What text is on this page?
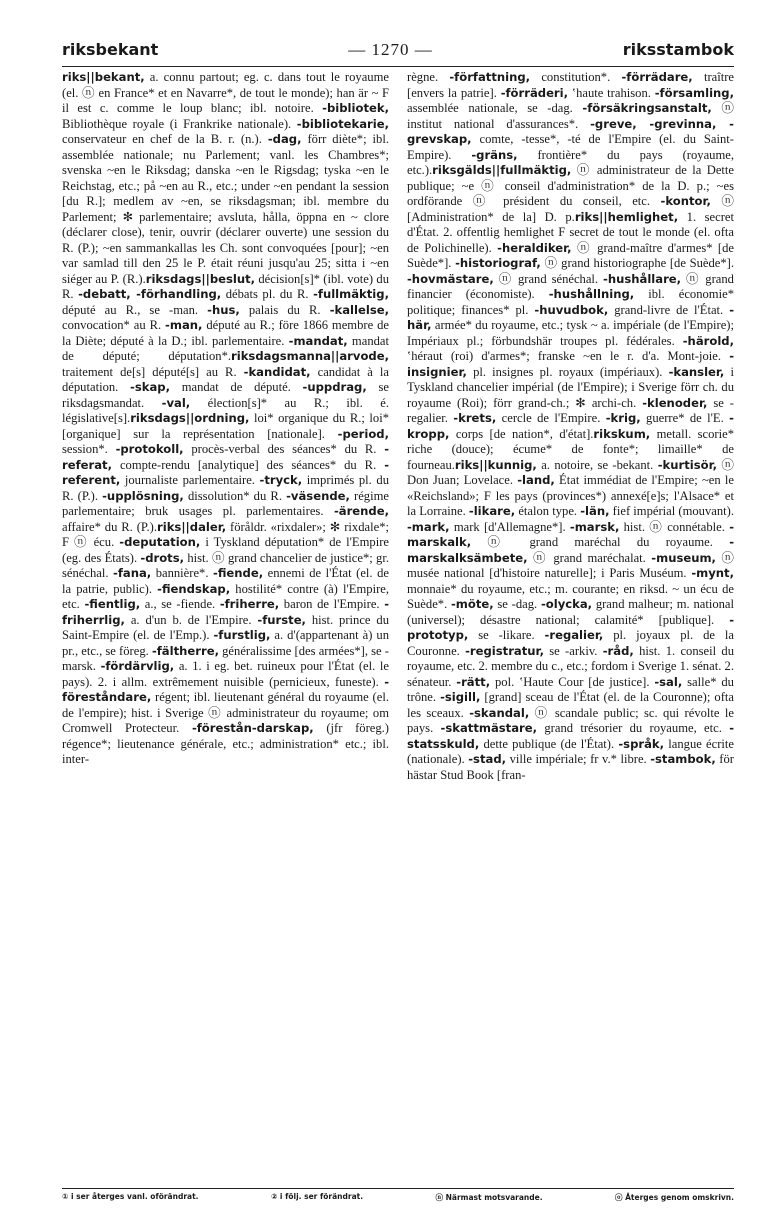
riksbekant	— 1270 —	riksstambok

riks||bekant, a. connu partout; eg. c. dans tout le royaume (el. ⓝ en France* et en Navarre*, de tout le monde); han är ~ F il est c. comme le loup blanc; ibl. notoire. -bibliotek, Bibliothèque royale (i Frankrike nationale). -bibliotekarie, conservateur en chef de la B. r. (n.). -dag, förr diète*; ibl. assemblée nationale; nu Parlement; vanl. les Chambres*; svenska ~en le Riksdag; danska ~en le Rigsdag; tyska ~en le Reichstag, etc.; på ~en au R., etc.; under ~en pendant la session [du R.]; medlem av ~en, se riksdagsman; ibl. membre du Parlement; ✻ parlementaire; avsluta, hålla, öppna en ~ clore (déclarer close), tenir, ouvrir (déclarer ouverte) une session du R. (P.); ~en sammankallas les Ch. sont convoquées [pour]; ~en var samlad till den 25 le P. était réuni jusqu'au 25; sitta i ~en siéger au P. (R.).riksdags||beslut, décision[s]* (ibl. vote) du R. -debatt, -förhandling, débats pl. du R. -fullmäktig, député au R., se -man. -hus, palais du R. -kallelse, convocation* au R. -man, député au R.; före 1866 membre de la Diète; député à la D.; ibl. parlementaire. -mandat, mandat de député; députation*.riksdagsmanna||arvode, traitement de[s] député[s] au R. -kandidat, candidat à la députation. -skap, mandat de député. -uppdrag, se riksdagsmandat. -val, élection[s]* au R.; ibl. é. législative[s].riksdags||ordning, loi* organique du R.; loi* [organique] sur la représentation [nationale]. -period, session*. -protokoll, procès-verbal des séances* du R. -referat, compte-rendu [analytique] des séances* du R. -referent, journaliste parlementaire. -tryck, imprimés pl. du R. (P.). -upplösning, dissolution* du R. -väsende, régime parlementaire; bruk usages pl. parlementaires. -ärende, affaire* du R. (P.).riks||daler, föråldr. «rixdaler»; ✻ rixdale*; F ⓝ écu. -deputation, i Tyskland députation* de l'Empire (eg. des États). -drots, hist. ⓝ grand chancelier de justice*; gr. sénéchal. -fana, bannière*. -fiende, ennemi de l'État (el. de la patrie, public). -fiendskap, hostilité* contre (à) l'Empire, etc. -fientlig, a., se -fiende. -friherre, baron de l'Empire. -friherrlig, a. d'un b. de l'Empire. -furste, hist. prince du Saint-Empire (el. de l'Emp.). -furstlig, a. d'(appartenant à) un pr., etc., se föreg. -fältherre, généralissime [des armées*], se -marsk. -fördärvlig, a. 1. i eg. bet. ruineux pour l'État (el. le pays). 2. i allm. extrêmement nuisible (pernicieux, funeste). -föreståndare, régent; ibl. lieutenant général du royaume (el. de l'empire); hist. i Sverige ⓝ administrateur du royaume; om Cromwell Protecteur. -förestån-darskap, (jfr föreg.) régence*; lieutenance générale, etc.; administration* etc.; ibl. inter-

règne. -författning, constitution*. -förrädare, traître [envers la patrie]. -förräderi, ʽhaute trahison. -församling, assemblée nationale, se -dag. -försäkringsanstalt, ⓝ institut national d'assurances*. -greve, -grevinna, -grevskap, comte, -tesse*, -té de l'Empire (el. du Saint-Empire). -gräns, frontière* du pays (royaume, etc.).riksgälds||fullmäktig, ⓝ administrateur de la Dette publique; ~e ⓝ conseil d'administration* de la D. p.; ~es ordförande ⓝ président du conseil, etc. -kontor, ⓝ [Administration* de la] D. p.riks||hemlighet, 1. secret d'État. 2. offentlig hemlighet F secret de tout le monde (el. ofta de Polichinelle). -heraldiker, ⓝ grand-maître d'armes* [de Suède*]. -historiograf, ⓝ grand historiographe [de Suède*]. -hovmästare, ⓝ grand sénéchal. -hushållare, ⓝ grand financier (économiste). -hushållning, ibl. économie* politique; finances* pl. -huvudbok, grand-livre de l'État. -här, armée* du royaume, etc.; tysk ~ a. impériale (de l'Empire); Impériaux pl.; förbundshär troupes pl. fédérales. -härold, ʽhéraut (roi) d'armes*; franske ~en le r. d'a. Mont-joie. -insignier, pl. insignes pl. royaux (impériaux). -kansler, i Tyskland chancelier impérial (de l'Empire); i Sverige förr ch. du royaume (Roi); förr grand-ch.; ✻ archi-ch. -klenoder, se -regalier. -krets, cercle de l'Empire. -krig, guerre* de l'E. -kropp, corps [de nation*, d'état].rikskum, metall. scorie* riche (douce); écume* de fonte*; limaille* de fourneau.riks||kunnig, a. notoire, se -bekant. -kurtisör, ⓝ Don Juan; Lovelace. -land, État immédiat de l'Empire; ~en le «Reichsland»; F les pays (provinces*) annexé[e]s; l'Alsace* et la Lorraine. -likare, étalon type. -län, fief impérial (mouvant). -mark, mark [d'Allemagne*]. -marsk, hist. ⓝ connétable. -marskalk, ⓝ grand maréchal du royaume. -marskalksämbete, ⓝ grand maréchalat. -museum, ⓝ musée national [d'histoire naturelle]; i Paris Muséum. -mynt, monnaie* du royaume, etc.; m. courante; en riksd. ~ un écu de Suède*. -möte, se -dag. -olycka, grand malheur; m. national (universel); désastre national; calamité* [publique]. -prototyp, se -likare. -regalier, pl. joyaux pl. de la Couronne. -registratur, se -arkiv. -råd, hist. 1. conseil du royaume, etc. 2. membre du c., etc.; fordom i Sverige 1. sénat. 2. sénateur. -rätt, pol. ʽHaute Cour [de justice]. -sal, salle* du trône. -sigill, [grand] sceau de l'État (el. de la Couronne); ofta les sceaux. -skandal, ⓝ scandale public; sc. qui révolte le pays. -skattmästare, grand trésorier du royaume, etc. -statsskuld, dette publique (de l'État). -språk, langue écrite (nationale). -stad, ville impériale; fr v.* libre. -stambok, för hästar Stud Book [fran-

① i ser återges vanl. oförändrat.	② i följ. ser förändrat.	ⓝ Närmast motsvarande.	ⓞ Återges genom omskrivn.
